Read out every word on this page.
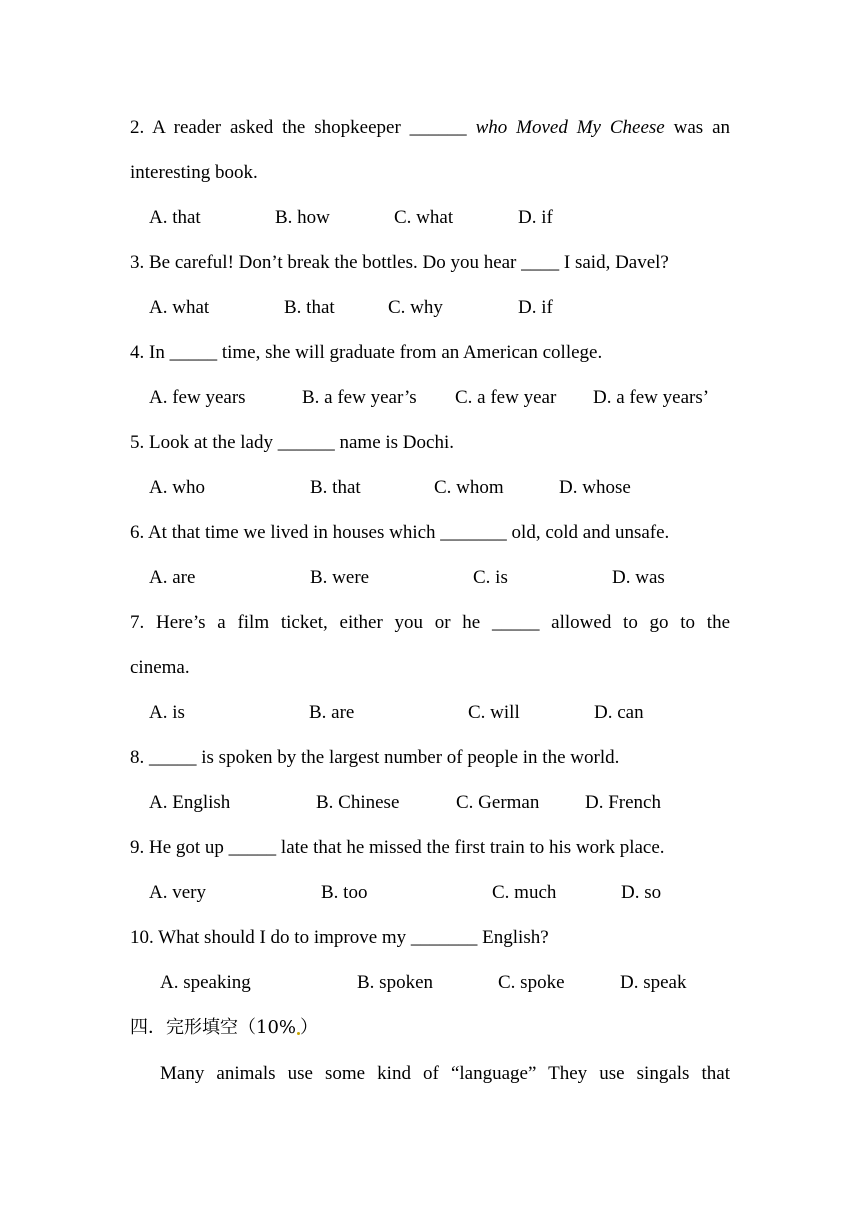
2. A reader asked the shopkeeper ______ who Moved My Cheese was an
interesting book.
A. that	B. how	C. what	D. if
3. Be careful! Don’t break the bottles. Do you hear ____ I said, Davel?
A. what	B. that	C. why	D. if
4. In _____ time, she will graduate from an American college.
A. few years	B. a few year’s C. a few year D. a few years’
5. Look at the lady ______ name is Dochi.
A. who	B. that	C. whom	D. whose
6. At that time we lived in houses which _______ old, cold and unsafe.
A. are	B. were	C. is	D. was
7. Here’s a film ticket, either you or he _____ allowed to go to the
cinema.
A. is	B. are	C. will	D. can
8. _____ is spoken by the largest number of people in the world.
A. English	B. Chinese	C. German D. French
9. He got up _____ late that he missed the first train to his work place.
A. very	B. too	C. much	D. so
10. What should I do to improve my _______ English?
A. speaking	B. spoken	C. spoke	D. speak
四．完形填空（10% ）
Many animals use some kind of “language” They use singals that
